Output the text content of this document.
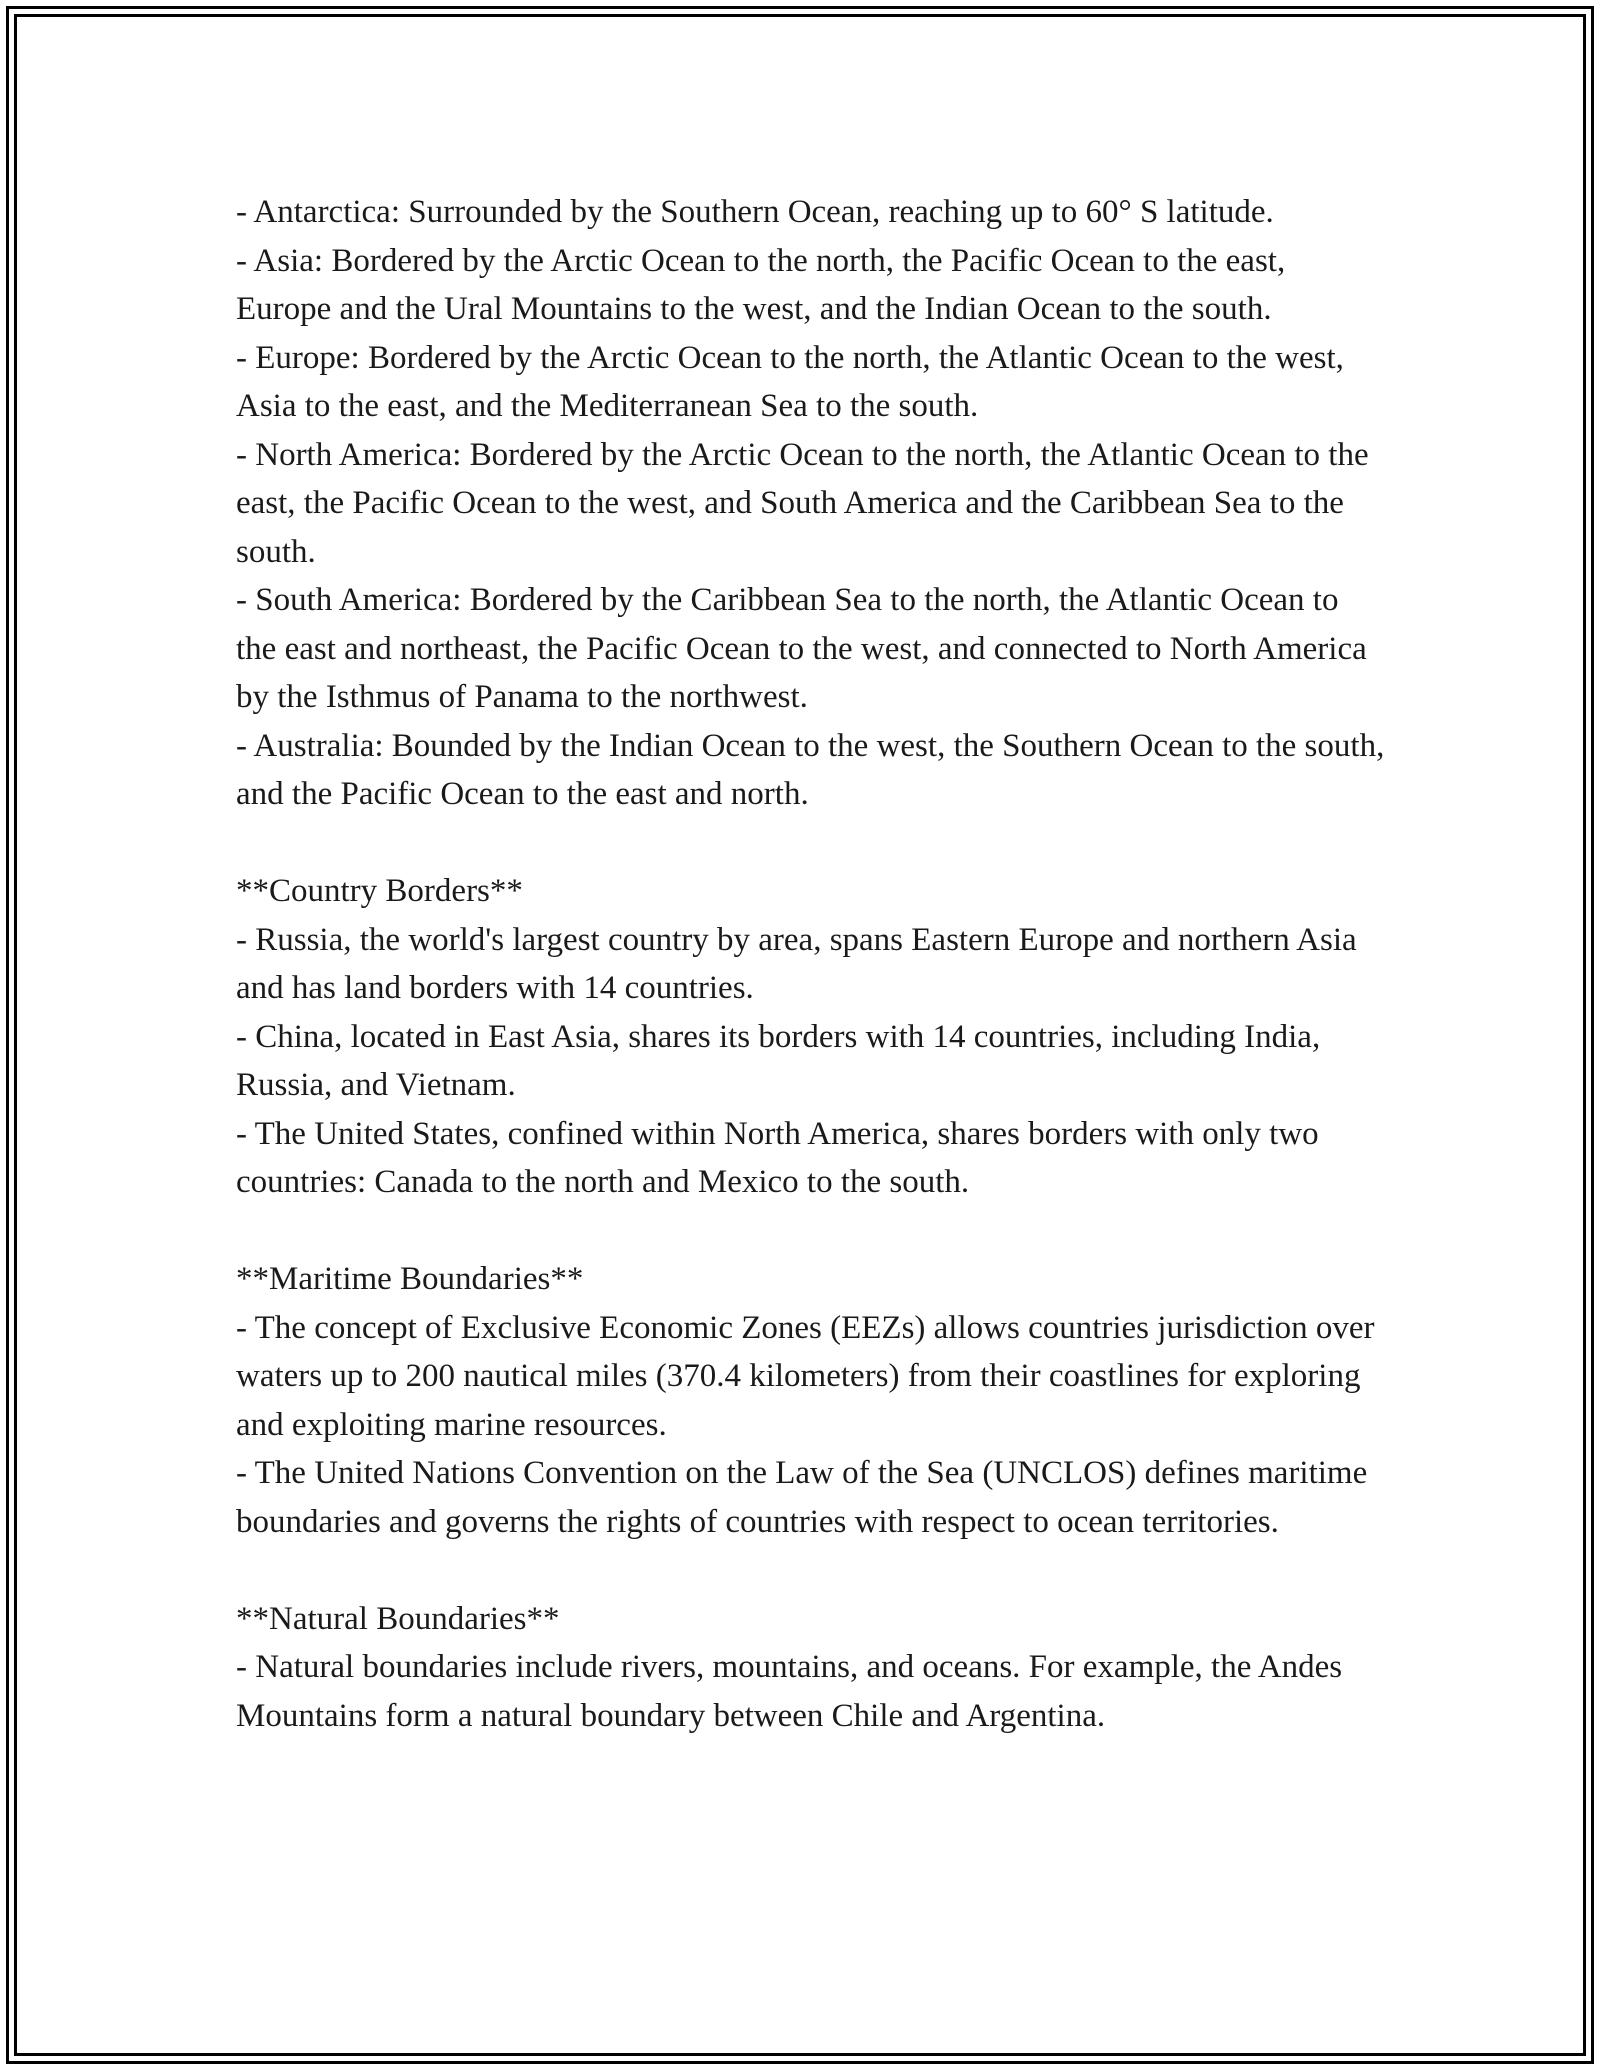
- Antarctica: Surrounded by the Southern Ocean, reaching up to 60° S latitude.

- Asia: Bordered by the Arctic Ocean to the north, the Pacific Ocean to the east, Europe and the Ural Mountains to the west, and the Indian Ocean to the south.

- Europe: Bordered by the Arctic Ocean to the north, the Atlantic Ocean to the west, Asia to the east, and the Mediterranean Sea to the south.

- North America: Bordered by the Arctic Ocean to the north, the Atlantic Ocean to the east, the Pacific Ocean to the west, and South America and the Caribbean Sea to the south.

- South America: Bordered by the Caribbean Sea to the north, the Atlantic Ocean to the east and northeast, the Pacific Ocean to the west, and connected to North America by the Isthmus of Panama to the northwest.

- Australia: Bounded by the Indian Ocean to the west, the Southern Ocean to the south, and the Pacific Ocean to the east and north.

**Country Borders**

- Russia, the world's largest country by area, spans Eastern Europe and northern Asia and has land borders with 14 countries.

- China, located in East Asia, shares its borders with 14 countries, including India, Russia, and Vietnam.

- The United States, confined within North America, shares borders with only two countries: Canada to the north and Mexico to the south.

**Maritime Boundaries**

- The concept of Exclusive Economic Zones (EEZs) allows countries jurisdiction over waters up to 200 nautical miles (370.4 kilometers) from their coastlines for exploring and exploiting marine resources.

- The United Nations Convention on the Law of the Sea (UNCLOS) defines maritime boundaries and governs the rights of countries with respect to ocean territories.

**Natural Boundaries**

- Natural boundaries include rivers, mountains, and oceans. For example, the Andes Mountains form a natural boundary between Chile and Argentina.
